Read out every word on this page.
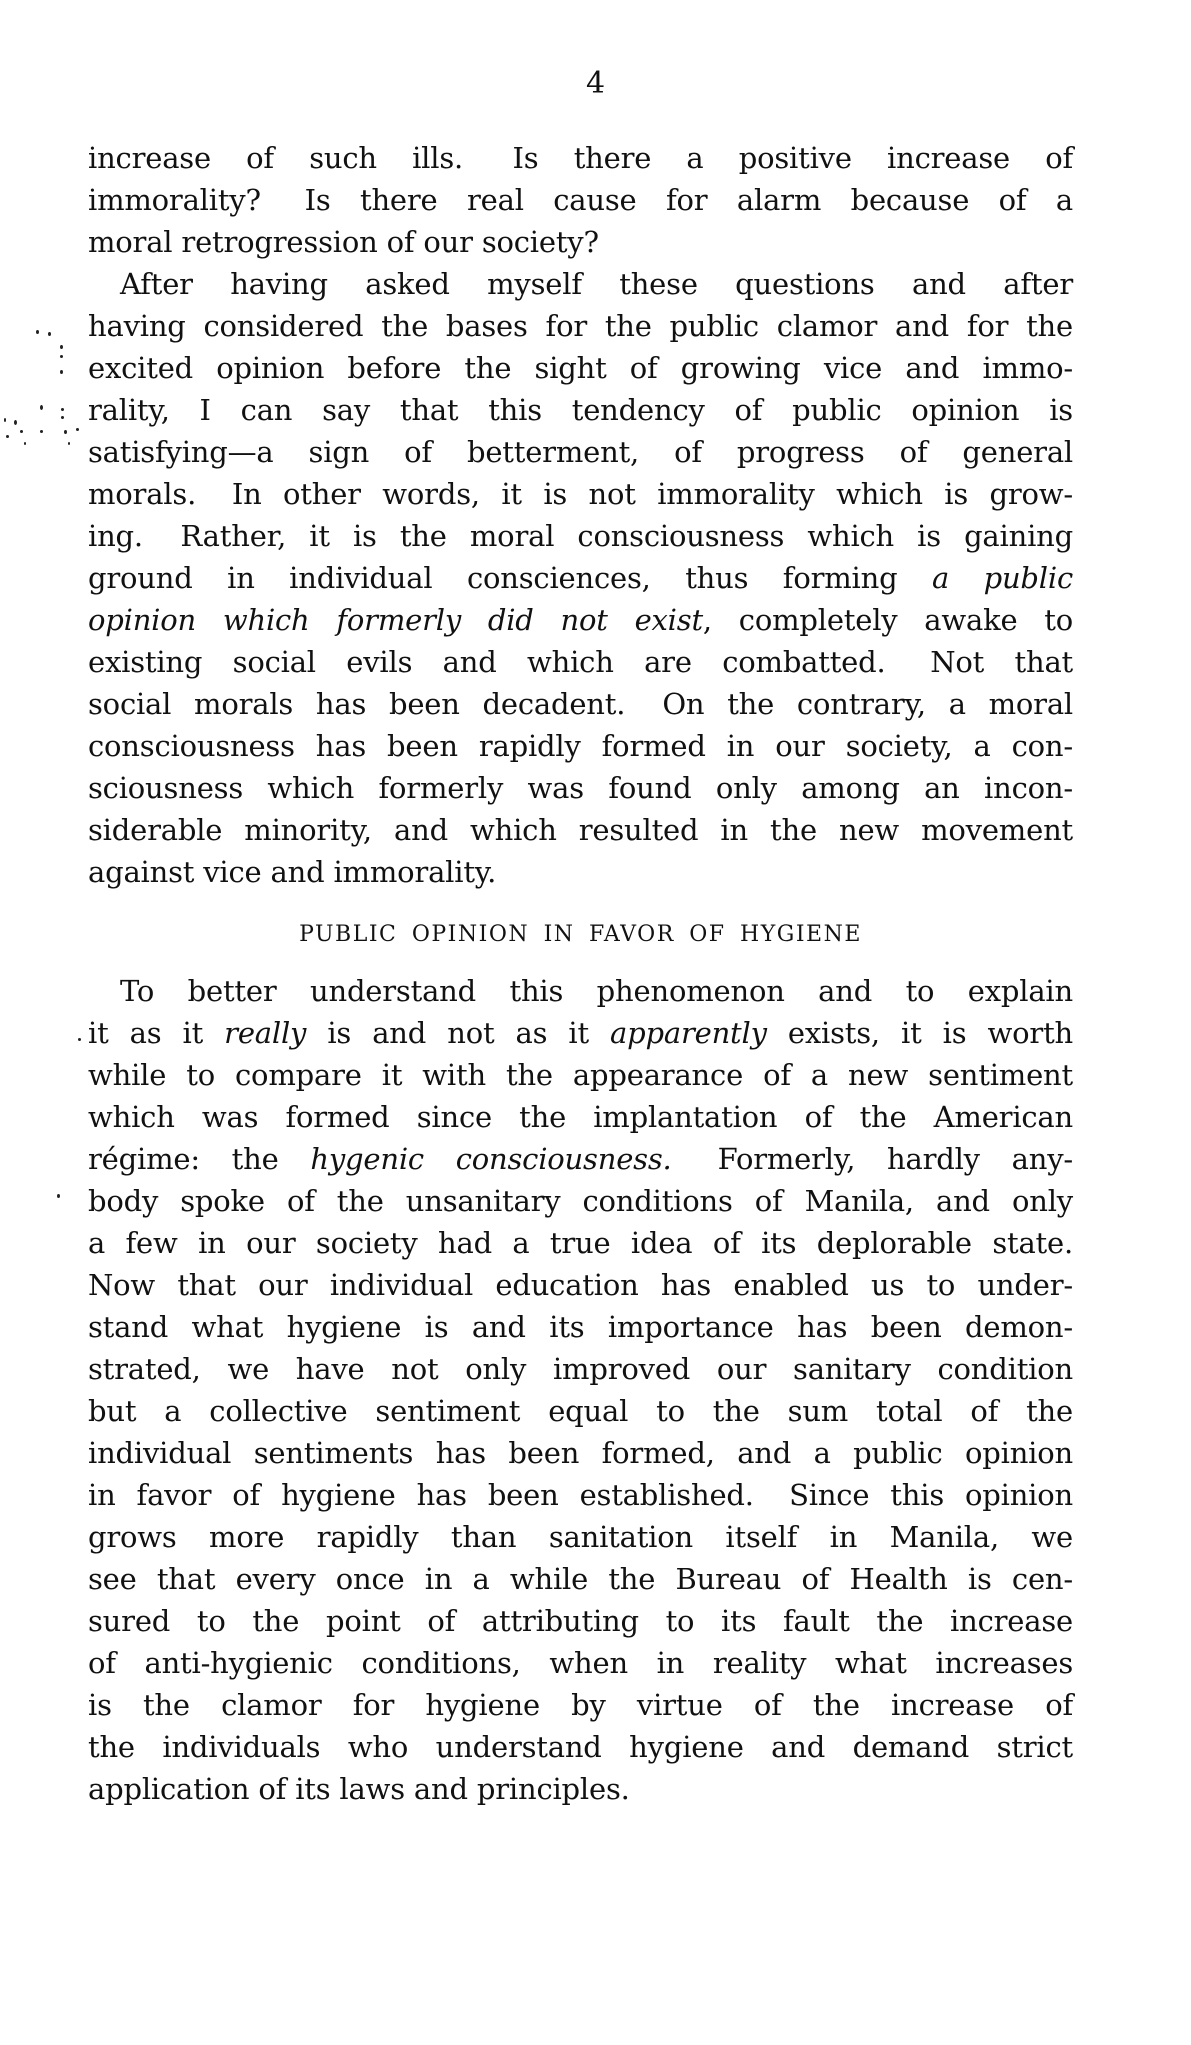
4
PUBLIC OPINION IN FAVOR OF HYGIENE
increase of such ills.  Is there a positive increase of
immorality?  Is there real cause for alarm because of a
moral retrogression of our society?
After having asked myself these questions and after
having considered the bases for the public clamor and for the
excited opinion before the sight of growing vice and immo-
rality, I can say that this tendency of public opinion is
satisfying—a sign of betterment, of progress of general
morals.  In other words, it is not immorality which is grow-
ing.  Rather, it is the moral consciousness which is gaining
ground in individual consciences, thus forming a public
opinion which formerly did not exist, completely awake to
existing social evils and which are combatted.  Not that
social morals has been decadent.  On the contrary, a moral
consciousness has been rapidly formed in our society, a con-
sciousness which formerly was found only among an incon-
siderable minority, and which resulted in the new movement
against vice and immorality.
To better understand this phenomenon and to explain
it as it really is and not as it apparently exists, it is worth
while to compare it with the appearance of a new sentiment
which was formed since the implantation of the American
régime: the hygenic consciousness.  Formerly, hardly any-
body spoke of the unsanitary conditions of Manila, and only
a few in our society had a true idea of its deplorable state.
Now that our individual education has enabled us to under-
stand what hygiene is and its importance has been demon-
strated, we have not only improved our sanitary condition
but a collective sentiment equal to the sum total of the
individual sentiments has been formed, and a public opinion
in favor of hygiene has been established.  Since this opinion
grows more rapidly than sanitation itself in Manila, we
see that every once in a while the Bureau of Health is cen-
sured to the point of attributing to its fault the increase
of anti-hygienic conditions, when in reality what increases
is the clamor for hygiene by virtue of the increase of
the individuals who understand hygiene and demand strict
application of its laws and principles.
